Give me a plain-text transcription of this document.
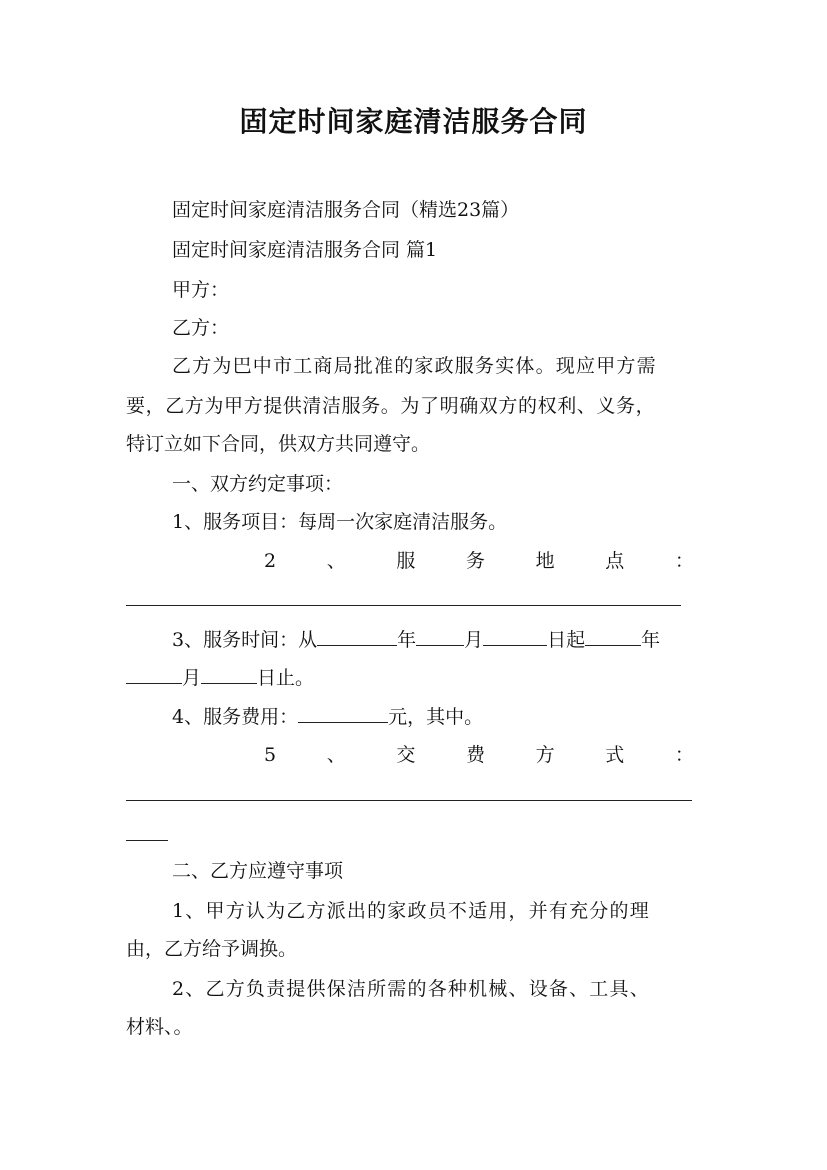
固定时间家庭清洁服务合同
固定时间家庭清洁服务合同（精选23篇）
固定时间家庭清洁服务合同 篇1
甲方：
乙方：
乙方为巴中市工商局批准的家政服务实体。现应甲方需
要，乙方为甲方提供清洁服务。为了明确双方的权利、义务，
特订立如下合同，供双方共同遵守。
一、双方约定事项：
1、服务项目：每周一次家庭清洁服务。
2	、	服	务	地	点	：
3、服务时间：从	年	月	日起	年
月	日止。
4、服务费用：	元，其中。
5	、	交	费	方	式	：
二、乙方应遵守事项
1、甲方认为乙方派出的家政员不适用，并有充分的理
由，乙方给予调换。
2、乙方负责提供保洁所需的各种机械、设备、工具、
材料、。
